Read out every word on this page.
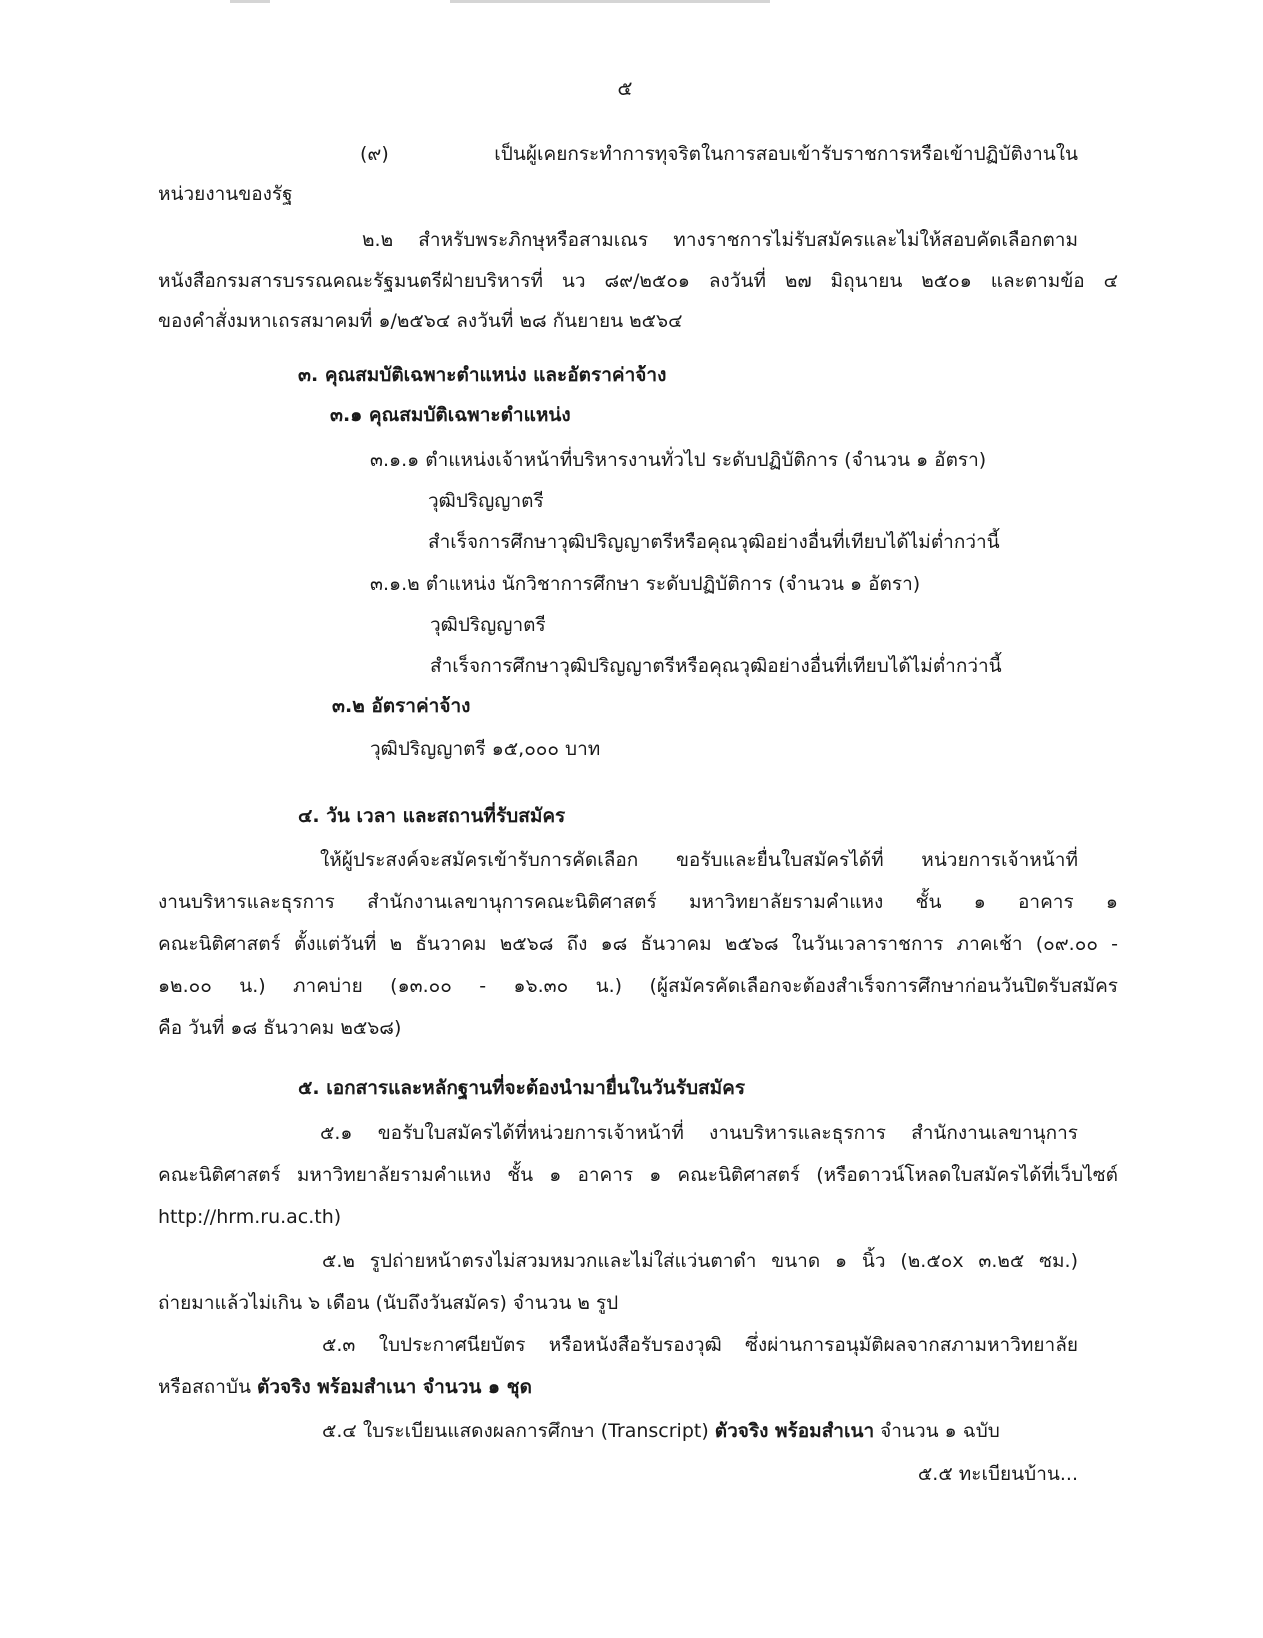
๕
(๙) เป็นผู้เคยกระทำการทุจริตในการสอบเข้ารับราชการหรือเข้าปฏิบัติงานใน
หน่วยงานของรัฐ
๒.๒ สำหรับพระภิกษุหรือสามเณร ทางราชการไม่รับสมัครและไม่ให้สอบคัดเลือกตาม
หนังสือกรมสารบรรณคณะรัฐมนตรีฝ่ายบริหารที่ นว ๘๙/๒๕๐๑ ลงวันที่ ๒๗ มิถุนายน ๒๕๐๑ และตามข้อ ๔
ของคำสั่งมหาเถรสมาคมที่ ๑/๒๕๖๔ ลงวันที่ ๒๘ กันยายน ๒๕๖๔
๓. คุณสมบัติเฉพาะตำแหน่ง และอัตราค่าจ้าง
๓.๑ คุณสมบัติเฉพาะตำแหน่ง
๓.๑.๑ ตำแหน่งเจ้าหน้าที่บริหารงานทั่วไป ระดับปฏิบัติการ (จำนวน ๑ อัตรา)
วุฒิปริญญาตรี
สำเร็จการศึกษาวุฒิปริญญาตรีหรือคุณวุฒิอย่างอื่นที่เทียบได้ไม่ต่ำกว่านี้
๓.๑.๒ ตำแหน่ง นักวิชาการศึกษา ระดับปฏิบัติการ (จำนวน ๑ อัตรา)
วุฒิปริญญาตรี
สำเร็จการศึกษาวุฒิปริญญาตรีหรือคุณวุฒิอย่างอื่นที่เทียบได้ไม่ต่ำกว่านี้
๓.๒ อัตราค่าจ้าง
วุฒิปริญญาตรี ๑๕,๐๐๐ บาท
๔. วัน เวลา และสถานที่รับสมัคร
ให้ผู้ประสงค์จะสมัครเข้ารับการคัดเลือก ขอรับและยื่นใบสมัครได้ที่ หน่วยการเจ้าหน้าที่
งานบริหารและธุรการ สำนักงานเลขานุการคณะนิติศาสตร์ มหาวิทยาลัยรามคำแหง ชั้น ๑ อาคาร ๑
คณะนิติศาสตร์ ตั้งแต่วันที่ ๒ ธันวาคม ๒๕๖๘ ถึง ๑๘ ธันวาคม ๒๕๖๘ ในวันเวลาราชการ ภาคเช้า (๐๙.๐๐ -
๑๒.๐๐ น.) ภาคบ่าย (๑๓.๐๐ - ๑๖.๓๐ น.) (ผู้สมัครคัดเลือกจะต้องสำเร็จการศึกษาก่อนวันปิดรับสมัคร
คือ วันที่ ๑๘ ธันวาคม ๒๕๖๘)
๕. เอกสารและหลักฐานที่จะต้องนำมายื่นในวันรับสมัคร
๕.๑ ขอรับใบสมัครได้ที่หน่วยการเจ้าหน้าที่ งานบริหารและธุรการ สำนักงานเลขานุการ
คณะนิติศาสตร์ มหาวิทยาลัยรามคำแหง ชั้น ๑ อาคาร ๑ คณะนิติศาสตร์ (หรือดาวน์โหลดใบสมัครได้ที่เว็บไซต์
http://hrm.ru.ac.th)
๕.๒ รูปถ่ายหน้าตรงไม่สวมหมวกและไม่ใส่แว่นตาดำ ขนาด ๑ นิ้ว (๒.๕๐x ๓.๒๕ ซม.)
ถ่ายมาแล้วไม่เกิน ๖ เดือน (นับถึงวันสมัคร) จำนวน ๒ รูป
๕.๓ ใบประกาศนียบัตร หรือหนังสือรับรองวุฒิ ซึ่งผ่านการอนุมัติผลจากสภามหาวิทยาลัย
หรือสถาบัน ตัวจริง พร้อมสำเนา จำนวน ๑ ชุด
๕.๔ ใบระเบียนแสดงผลการศึกษา (Transcript) ตัวจริง พร้อมสำเนา จำนวน ๑ ฉบับ
๕.๕ ทะเบียนบ้าน...
